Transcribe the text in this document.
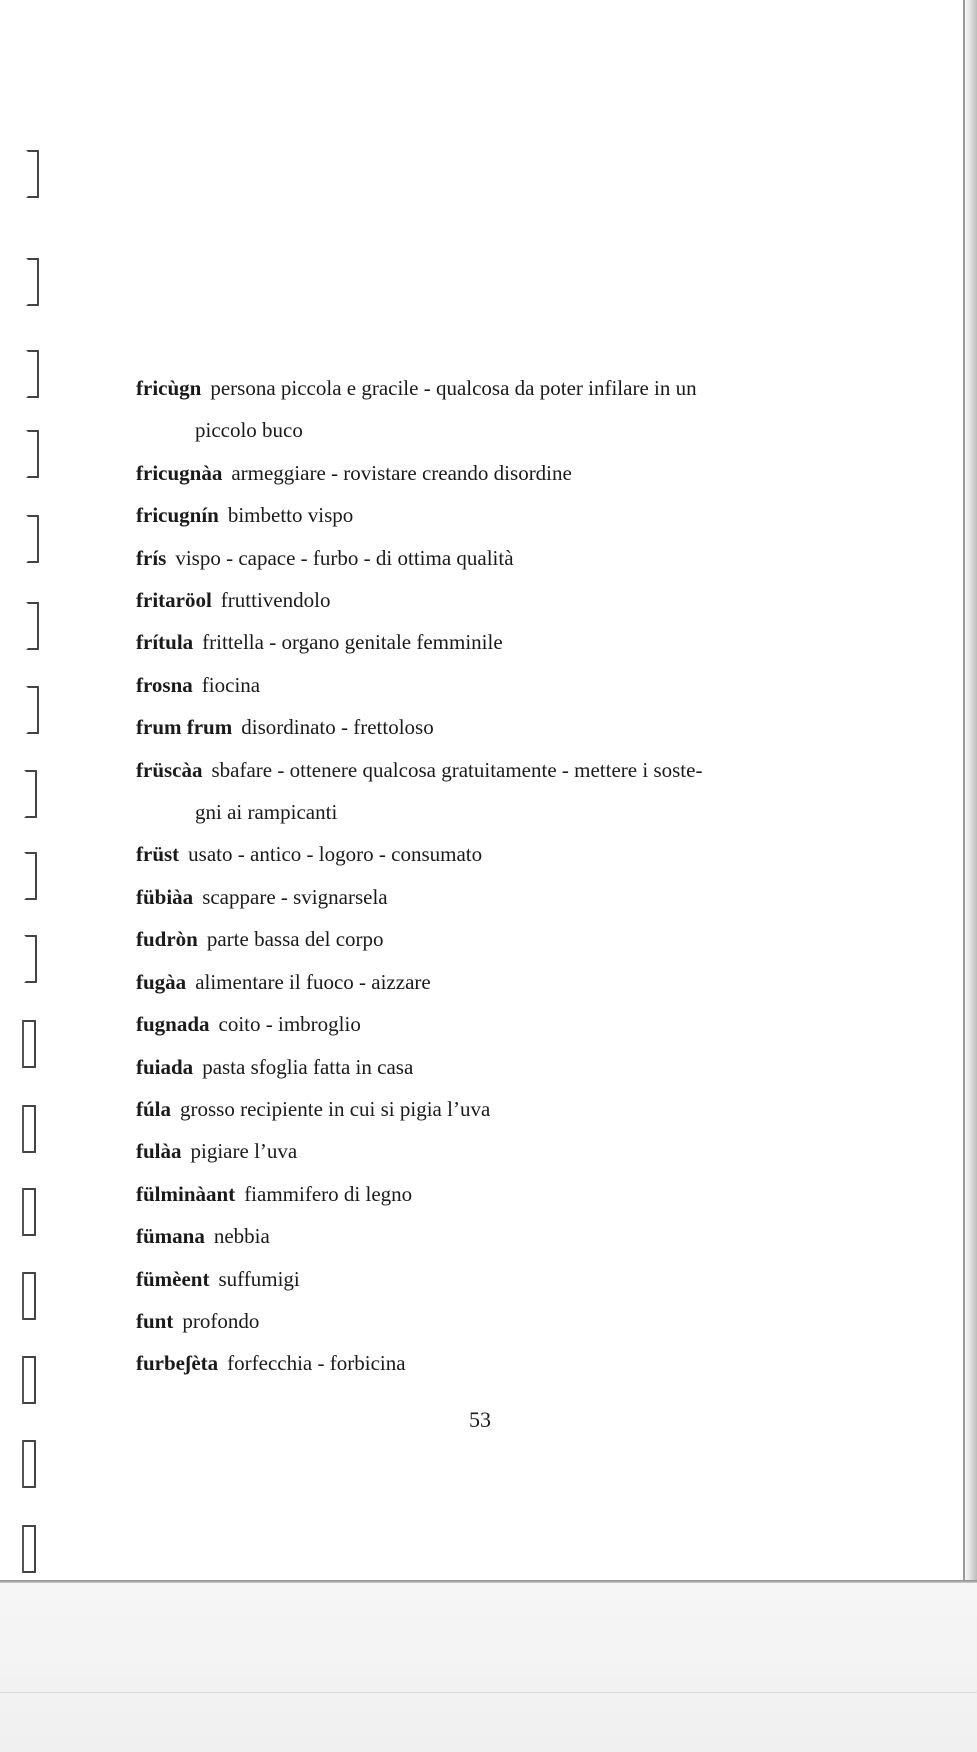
fricùgn persona piccola e gracile - qualcosa da poter infilare in un
piccolo buco
fricugnàa armeggiare - rovistare creando disordine
fricugnín bimbetto vispo
frís vispo - capace - furbo - di ottima qualità
fritaröol fruttivendolo
frítula frittella - organo genitale femminile
frosna fiocina
frum frum disordinato - frettoloso
früscàa sbafare - ottenere qualcosa gratuitamente - mettere i soste-
gni ai rampicanti
früst usato - antico - logoro - consumato
fübiàa scappare - svignarsela
fudròn parte bassa del corpo
fugàa alimentare il fuoco - aizzare
fugnada coito - imbroglio
fuiada pasta sfoglia fatta in casa
fúla grosso recipiente in cui si pigia l’uva
fulàa pigiare l’uva
fülminàant fiammifero di legno
fümana nebbia
fümèent suffumigi
funt profondo
furbeʃèta forfecchia - forbicina
53
